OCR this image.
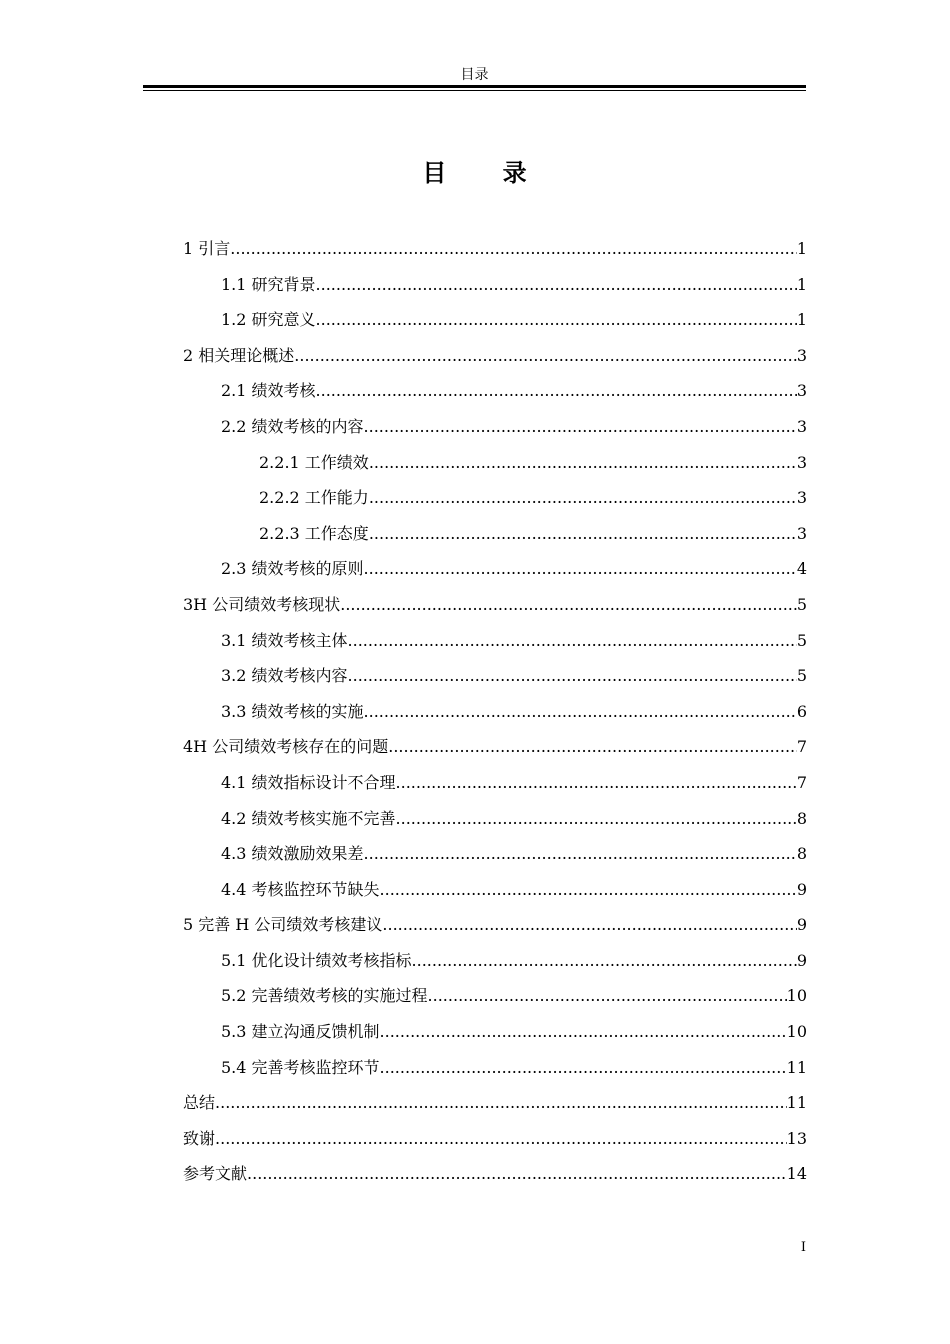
目录
目 录
1 引言 .....	1
1.1 研究背景 .....	1
1.2 研究意义 .....	1
2 相关理论概述 .....	3
2.1 绩效考核 .....	3
2.2 绩效考核的内容 .....	3
2.2.1 工作绩效 .....	3
2.2.2 工作能力 .....	3
2.2.3 工作态度 .....	3
2.3 绩效考核的原则 .....	4
3H 公司绩效考核现状 .....	5
3.1 绩效考核主体 .....	5
3.2 绩效考核内容 .....	5
3.3 绩效考核的实施 .....	6
4H 公司绩效考核存在的问题 .....	7
4.1 绩效指标设计不合理 .....	7
4.2 绩效考核实施不完善 .....	8
4.3 绩效激励效果差 .....	8
4.4 考核监控环节缺失 .....	9
5 完善 H 公司绩效考核建议 .....	9
5.1 优化设计绩效考核指标 .....	9
5.2 完善绩效考核的实施过程 .....	10
5.3 建立沟通反馈机制 .....	10
5.4 完善考核监控环节 .....	11
总结 .....	11
致谢 .....	13
参考文献 .....	14
I
